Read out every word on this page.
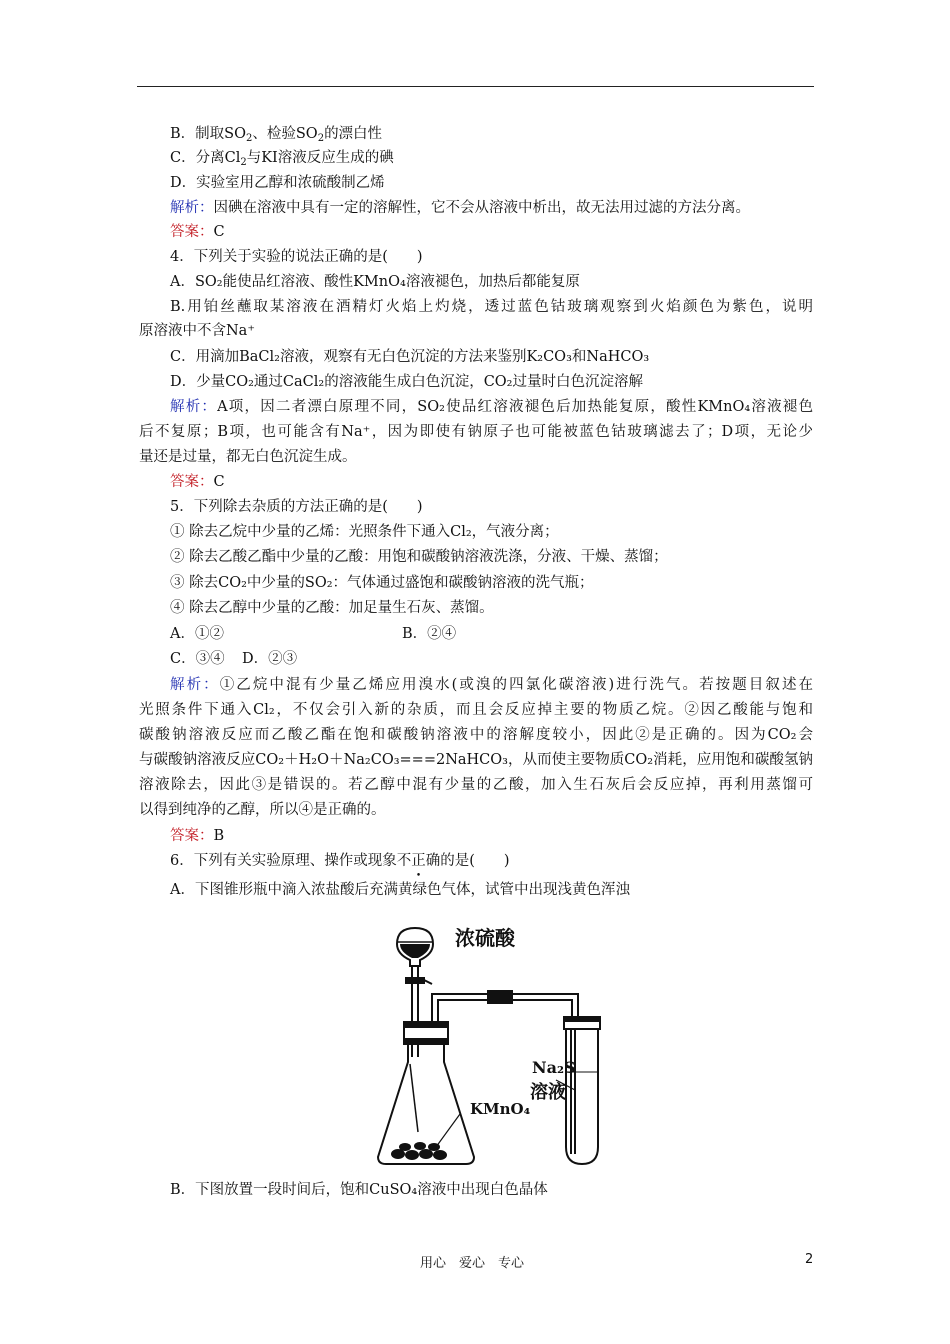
B．制取$SO_2$、检验$SO_2$的漂白性
C．分离$Cl_2$与KI溶液反应生成的碘
D．实验室用乙醇和浓硫酸制乙烯
解析：因碘在溶液中具有一定的溶解性，它不会从溶液中析出，故无法用过滤的方法分离。
答案：C
4．下列关于实验的说法正确的是(　　)
A．SO₂能使品红溶液、酸性KMnO₄溶液褪色，加热后都能复原
B.用铂丝蘸取某溶液在酒精灯火焰上灼烧，透过蓝色钴玻璃观察到火焰颜色为紫色，说明
原溶液中不含Na⁺
C．用滴加BaCl₂溶液，观察有无白色沉淀的方法来鉴别K₂CO₃和NaHCO₃
D．少量CO₂通过CaCl₂的溶液能生成白色沉淀，CO₂过量时白色沉淀溶解
解析：A项，因二者漂白原理不同，SO₂使品红溶液褪色后加热能复原，酸性KMnO₄溶液褪色
后不复原；B项，也可能含有Na⁺，因为即使有钠原子也可能被蓝色钴玻璃滤去了；D项，无论少
量还是过量，都无白色沉淀生成。
答案：C
5．下列除去杂质的方法正确的是(　　)
① 除去乙烷中少量的乙烯：光照条件下通入Cl₂，气液分离；
② 除去乙酸乙酯中少量的乙酸：用饱和碳酸钠溶液洗涤，分液、干燥、蒸馏；
③ 除去CO₂中少量的SO₂：气体通过盛饱和碳酸钠溶液的洗气瓶；
④ 除去乙醇中少量的乙酸：加足量生石灰、蒸馏。
A．①②	B．②④
C．③④ D．②③
解析：①乙烷中混有少量乙烯应用溴水(或溴的四氯化碳溶液)进行洗气。若按题目叙述在
光照条件下通入Cl₂，不仅会引入新的杂质，而且会反应掉主要的物质乙烷。②因乙酸能与饱和
碳酸钠溶液反应而乙酸乙酯在饱和碳酸钠溶液中的溶解度较小，因此②是正确的。因为CO₂会
与碳酸钠溶液反应CO₂＋H₂O＋Na₂CO₃===2NaHCO₃，从而使主要物质CO₂消耗，应用饱和碳酸氢钠
溶液除去，因此③是错误的。若乙醇中混有少量的乙酸，加入生石灰后会反应掉，再利用蒸馏可
以得到纯净的乙醇，所以④是正确的。
答案：B
6．下列有关实验原理、操作或现象不正确的是(　　)
A．下图锥形瓶中滴入浓盐酸后充满黄绿色气体，试管中出现浅黄色浑浊
浓硫酸
Na₂S
溶液
KMnO₄
B．下图放置一段时间后，饱和CuSO₄溶液中出现白色晶体
用心　爱心　专心	2
